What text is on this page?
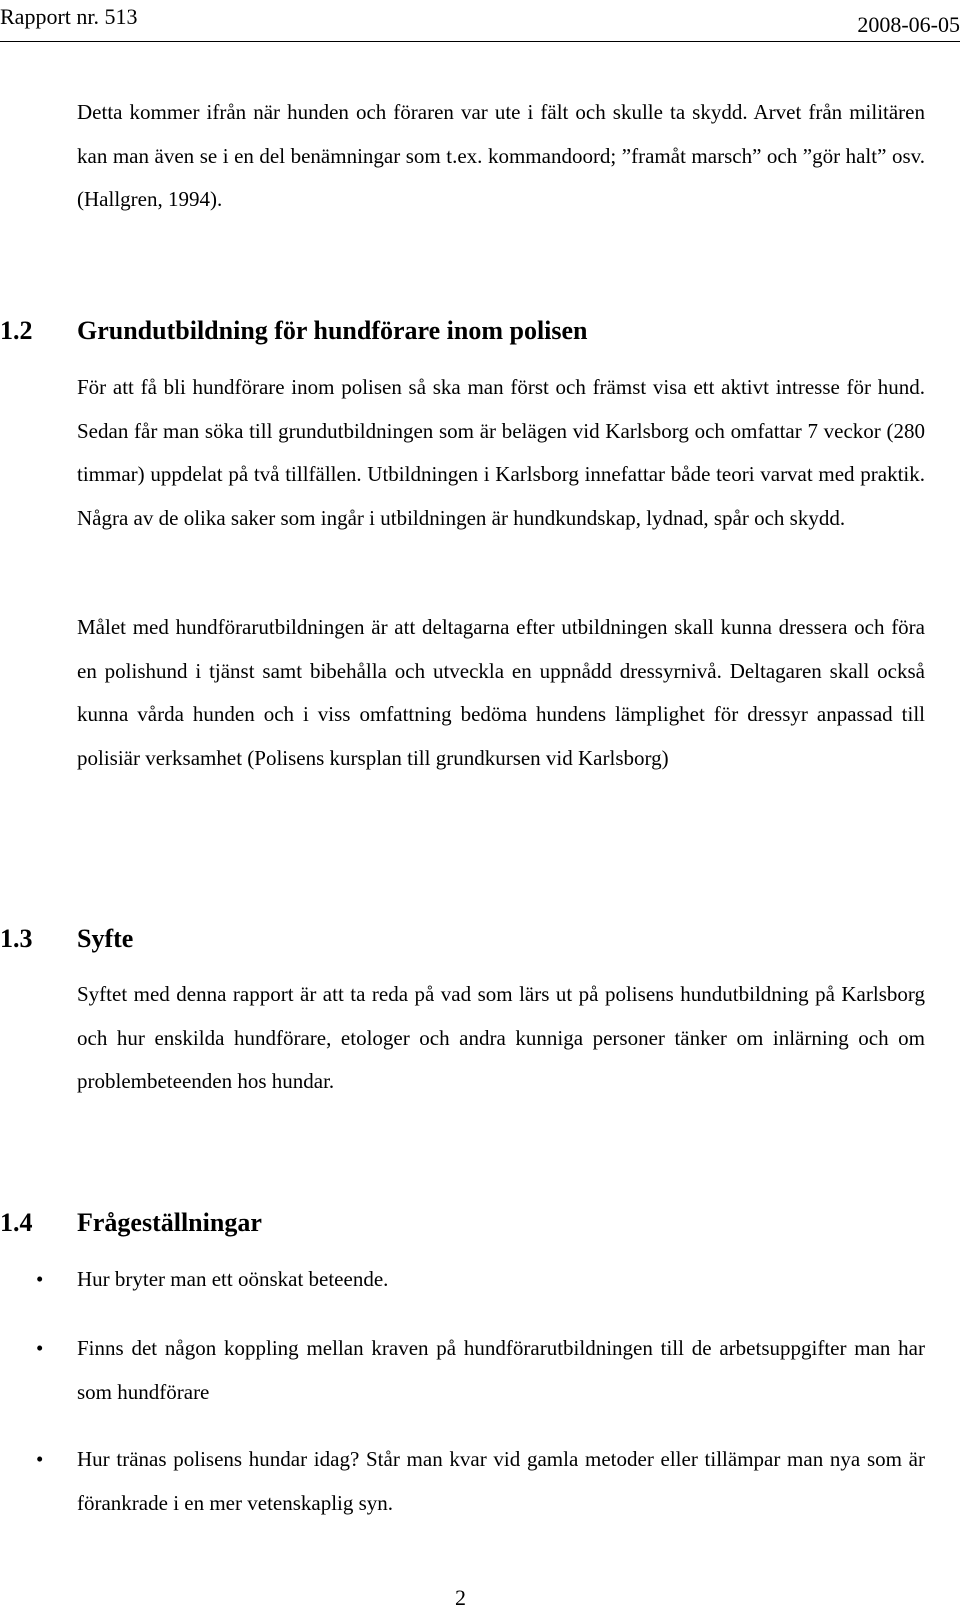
Rapport nr. 513	2008-06-05

Detta kommer ifrån när hunden och föraren var ute i fält och skulle ta skydd. Arvet från militären kan man även se i en del benämningar som t.ex. kommandoord; ”framåt marsch” och ”gör halt” osv. (Hallgren, 1994).

1.2 Grundutbildning för hundförare inom polisen

För att få bli hundförare inom polisen så ska man först och främst visa ett aktivt intresse för hund. Sedan får man söka till grundutbildningen som är belägen vid Karlsborg och omfattar 7 veckor (280 timmar) uppdelat på två tillfällen. Utbildningen i Karlsborg innefattar både teori varvat med praktik. Några av de olika saker som ingår i utbildningen är hundkundskap, lydnad, spår och skydd.

Målet med hundförarutbildningen är att deltagarna efter utbildningen skall kunna dressera och föra en polishund i tjänst samt bibehålla och utveckla en uppnådd dressyrnivå. Deltagaren skall också kunna vårda hunden och i viss omfattning bedöma hundens lämplighet för dressyr anpassad till polisiär verksamhet (Polisens kursplan till grundkursen vid Karlsborg)

1.3 Syfte

Syftet med denna rapport är att ta reda på vad som lärs ut på polisens hundutbildning på Karlsborg och hur enskilda hundförare, etologer och andra kunniga personer tänker om inlärning och om problembeteenden hos hundar.

1.4 Frågeställningar
• Hur bryter man ett oönskat beteende.
• Finns det någon koppling mellan kraven på hundförarutbildningen till de arbetsuppgifter man har som hundförare
• Hur tränas polisens hundar idag? Står man kvar vid gamla metoder eller tillämpar man nya som är förankrade i en mer vetenskaplig syn.
2
